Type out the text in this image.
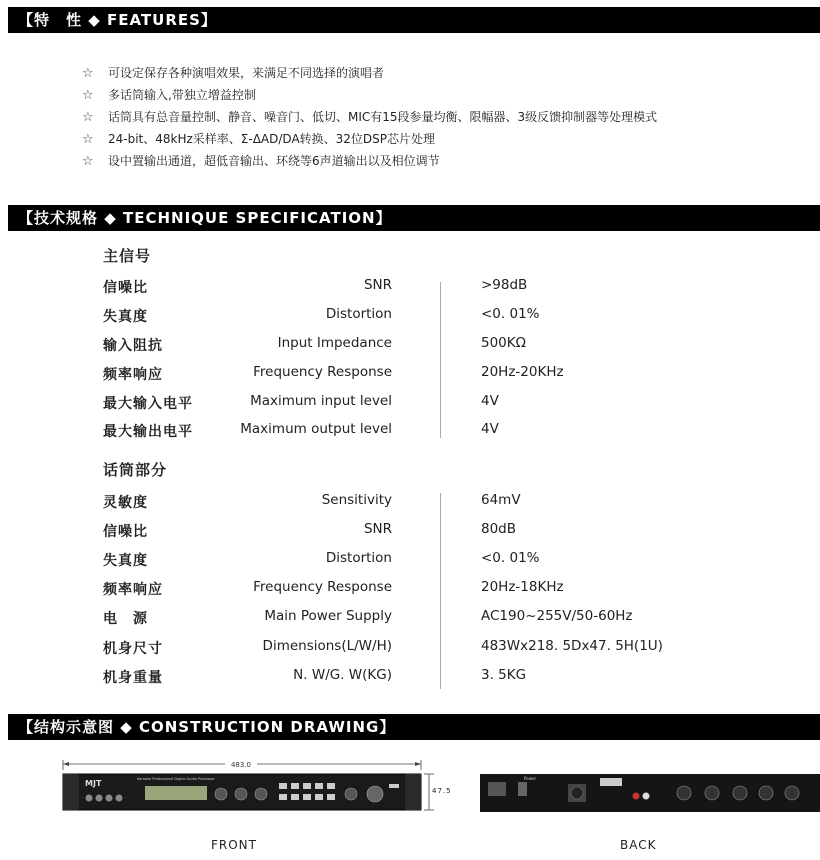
【特　性 ◆ FEATURES】
☆ 可设定保存各种演唱效果，来满足不同选择的演唱者
☆ 多话筒输入,带独立增益控制
☆ 话筒具有总音量控制、静音、噪音门、低切、MIC有15段参量均衡、限幅器、3级反馈抑制器等处理模式
☆ 24-bit、48kHz采样率、Σ-ΔAD/DA转换、32位DSP芯片处理
☆ 设中置输出通道，超低音输出、环绕等6声道输出以及相位调节
【技术规格 ◆ TECHNIQUE SPECIFICATION】
主信号
信噪比	SNR	>98dB
失真度	Distortion	<0. 01%
输入阻抗	Input Impedance	500KΩ
频率响应	Frequency Response	20Hz-20KHz
最大输入电平	Maximum input level	4V
最大输出电平	Maximum output level	4V
话筒部分
灵敏度	Sensitivity	64mV
信噪比	SNR	80dB
失真度	Distortion	<0. 01%
频率响应	Frequency Response	20Hz-18KHz
电　源	Main Power Supply	AC190~255V/50-60Hz
机身尺寸	Dimensions(L/W/H)	483Wx218. 5Dx47. 5H(1U)
机身重量	N. W/G. W(KG)	3. 5KG
【结构示意图 ◆ CONSTRUCTION DRAWING】
483.0
MJT	Karaoke Professional Digital Audio Processor
47.5
Power
FRONT	BACK
